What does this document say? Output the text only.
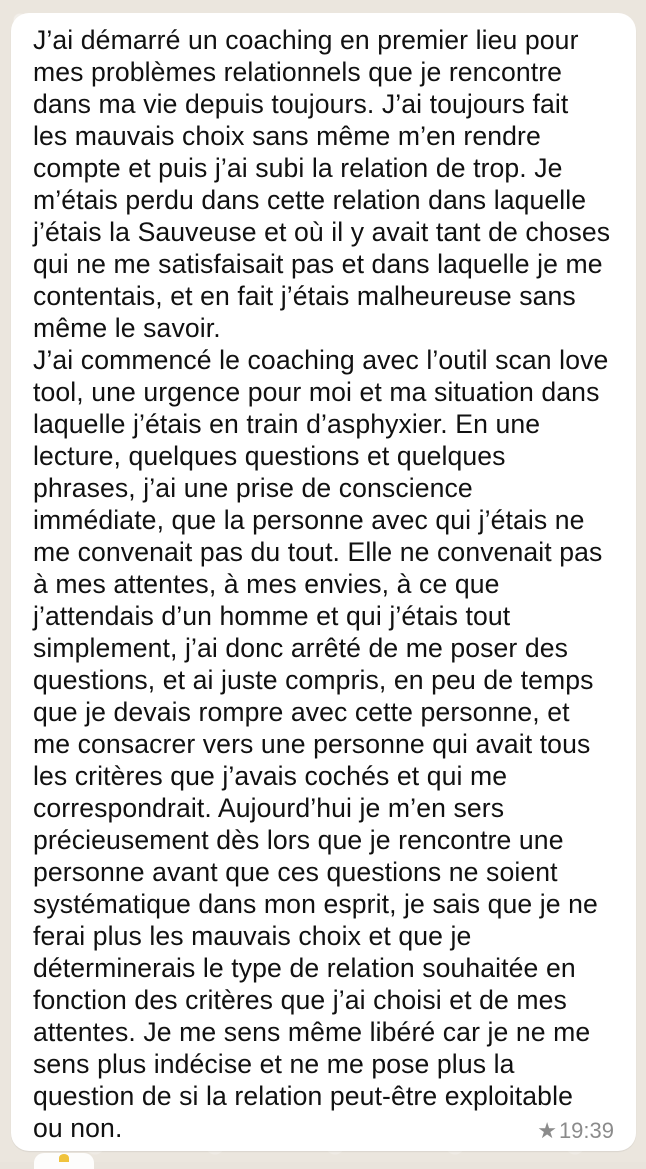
J’ai démarré un coaching en premier lieu pour
mes problèmes relationnels que je rencontre
dans ma vie depuis toujours. J’ai toujours fait
les mauvais choix sans même m’en rendre
compte et puis j’ai subi la relation de trop. Je
m’étais perdu dans cette relation dans laquelle
j’étais la Sauveuse et où il y avait tant de choses
qui ne me satisfaisait pas et dans laquelle je me
contentais, et en fait j’étais malheureuse sans
même le savoir.
J’ai commencé le coaching avec l’outil scan love
tool, une urgence pour moi et ma situation dans
laquelle j’étais en train d’asphyxier. En une
lecture, quelques questions et quelques
phrases, j’ai une prise de conscience
immédiate, que la personne avec qui j’étais ne
me convenait pas du tout. Elle ne convenait pas
à mes attentes, à mes envies, à ce que
j’attendais d’un homme et qui j’étais tout
simplement, j’ai donc arrêté de me poser des
questions, et ai juste compris, en peu de temps
que je devais rompre avec cette personne, et
me consacrer vers une personne qui avait tous
les critères que j’avais cochés et qui me
correspondrait. Aujourd’hui je m’en sers
précieusement dès lors que je rencontre une
personne avant que ces questions ne soient
systématique dans mon esprit, je sais que je ne
ferai plus les mauvais choix et que je
déterminerais le type de relation souhaitée en
fonction des critères que j’ai choisi et de mes
attentes. Je me sens même libéré car je ne me
sens plus indécise et ne me pose plus la
question de si la relation peut-être exploitable
ou non.	★ 19:39
